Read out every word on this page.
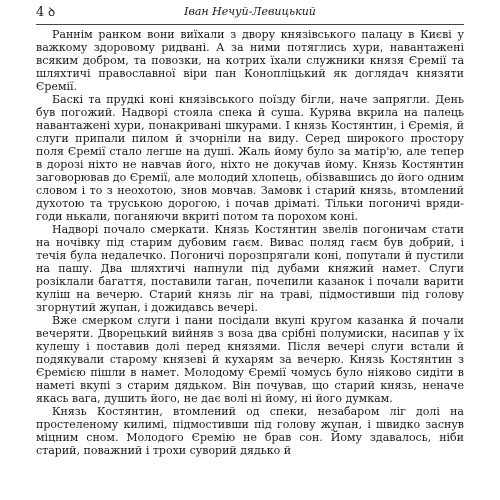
4 ꝺ	Іван Нечуй-Левицький

Раннім ранком вони виїхали з двору князівського палацу в Києві у важкому здоровому ридвані. А за ними потяглись хури, навантажені всяким добром, та повозки, на котрих їхали служники князя Єремії та шляхтичі православної віри пан Конопліцький як доглядач князяти Єремії.

Баскі та прудкі коні князівського поїзду бігли, наче запрягли. День був погожий. Надворі стояла спека й суша. Курява вкрила на палець навантажені хури, понакривані шкурами. І князь Костянтин, і Єремія, й слуги припали пилом й зчорніли на виду. Серед широкого простору поля Єремії стало легше на душі. Жаль йому було за матір'ю, але тепер в дорозі ніхто не навчав його, ніхто не докучав йому. Князь Костянтин заговорював до Єремії, але молодий хлопець, обізвавшись до його одним словом і то з неохотою, знов мовчав. Замовк і старий князь, втомлений духотою та труською дорогою, і почав дріматі. Тільки погоничі вряди-годи нькали, поганяючи вкриті потом та порохом коні.

Надворі почало смеркати. Князь Костянтин звелів погоничам стати на ночівку під старим дубовим гаєм. Вивас поляд гаєм був добрий, і течія була недалечко. Погоничі порозпрягали коні, попутали й пустили на пашу. Два шляхтичі напнули під дубами княжий намет. Слуги розіклали багаття, поставили таган, почепили казанок і почали варити куліш на вечерю. Старий князь ліг на траві, підмостивши під голову згорнутий жупан, і дожидавсь вечері.

Вже смерком слуги і пани посідали вкупі кругом казанка й почали вечеряти. Дворецький вийняв з воза два срібні полумиски, насипав у їх кулешу і поставив долі перед князями. Після вечері слуги встали й подякували старому князеві й кухарям за вечерю. Князь Костянтин з Єремією пішли в намет. Молодому Єремії чомусь було ніяково сидіти в наметі вкупі з старим дядьком. Він почував, що старий князь, неначе якась вага, душить його, не дає волі ні йому, ні його думкам.

Князь Костянтин, втомлений од спеки, незабаром ліг долі на простеленому килимі, підмостивши під голову жупан, і швидко заснув міцним сном. Молодого Єремію не брав сон. Йому здавалось, ніби старий, поважний і трохи суворий дядько й
